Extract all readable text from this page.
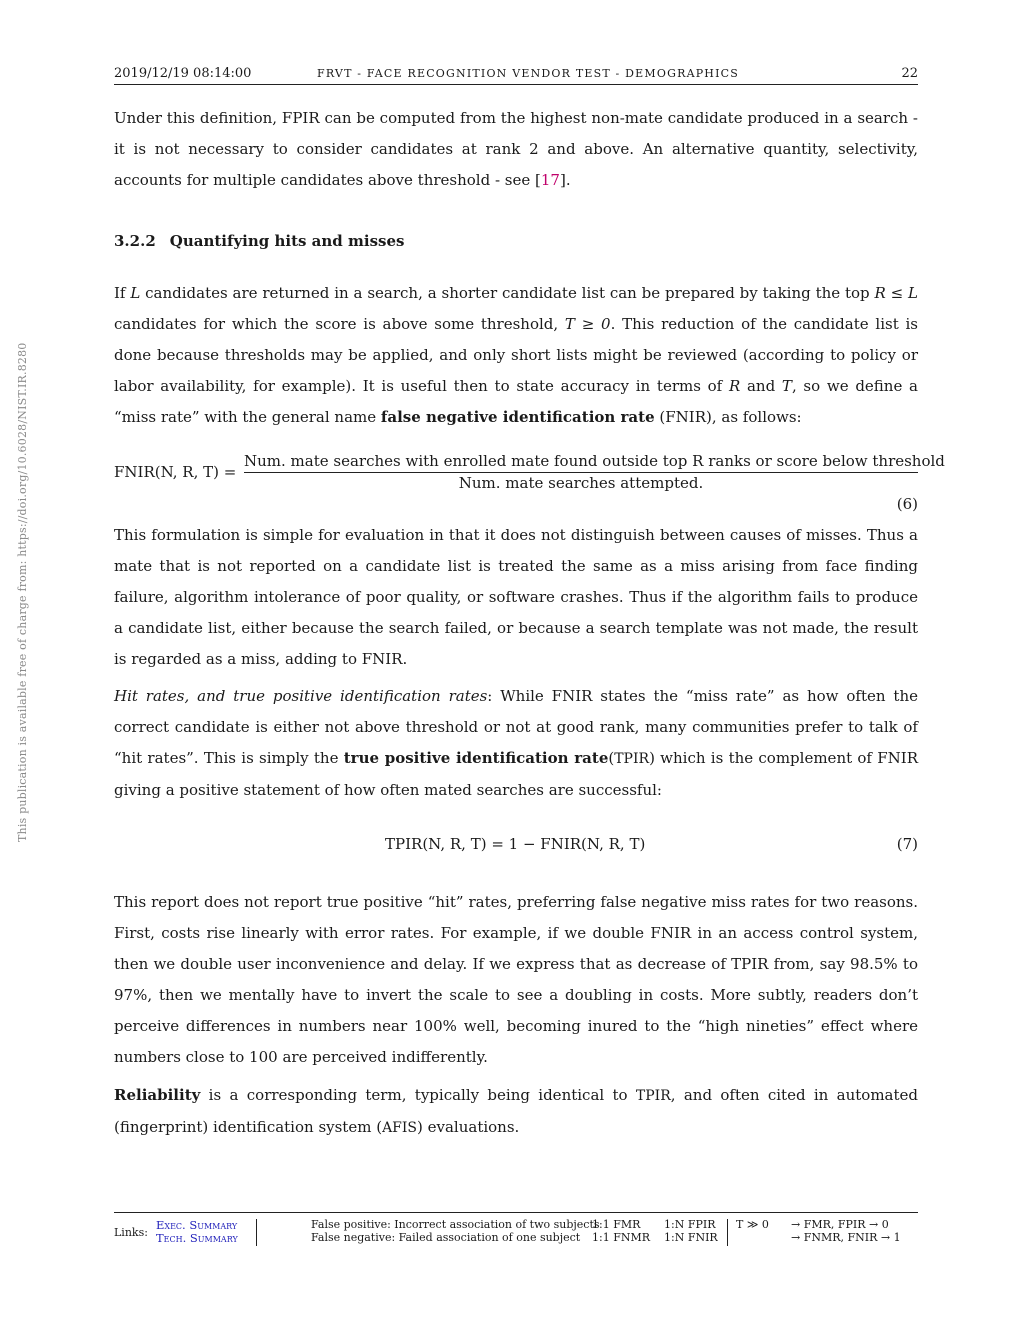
This publication is available free of charge from: https://doi.org/10.6028/NIST.IR.8280
2019/12/19 08:14:00	FRVT - FACE RECOGNITION VENDOR TEST - DEMOGRAPHICS	22

Under this definition, FPIR can be computed from the highest non-mate candidate produced in a search - it is not necessary to consider candidates at rank 2 and above. An alternative quantity, selectivity, accounts for multiple candidates above threshold - see [17].

3.2.2 Quantifying hits and misses

If L candidates are returned in a search, a shorter candidate list can be prepared by taking the top R ≤ L candidates for which the score is above some threshold, T ≥ 0. This reduction of the candidate list is done because thresholds may be applied, and only short lists might be reviewed (according to policy or labor availability, for example). It is useful then to state accuracy in terms of R and T, so we define a “miss rate” with the general name false negative identification rate (FNIR), as follows:

FNIR(N, R, T) =
Num. mate searches with enrolled mate found outside top R ranks or score below threshold
Num. mate searches attempted.
(6)

This formulation is simple for evaluation in that it does not distinguish between causes of misses. Thus a mate that is not reported on a candidate list is treated the same as a miss arising from face finding failure, algorithm intolerance of poor quality, or software crashes. Thus if the algorithm fails to produce a candidate list, either because the search failed, or because a search template was not made, the result is regarded as a miss, adding to FNIR.

Hit rates, and true positive identification rates: While FNIR states the “miss rate” as how often the correct candidate is either not above threshold or not at good rank, many communities prefer to talk of “hit rates”. This is simply the true positive identification rate(TPIR) which is the complement of FNIR giving a positive statement of how often mated searches are successful:

TPIR(N, R, T) = 1 − FNIR(N, R, T)	(7)

This report does not report true positive “hit” rates, preferring false negative miss rates for two reasons. First, costs rise linearly with error rates. For example, if we double FNIR in an access control system, then we double user inconvenience and delay. If we express that as decrease of TPIR from, say 98.5% to 97%, then we mentally have to invert the scale to see a doubling in costs. More subtly, readers don’t perceive differences in numbers near 100% well, becoming inured to the “high nineties” effect where numbers close to 100 are perceived indifferently.

Reliability is a corresponding term, typically being identical to TPIR, and often cited in automated (fingerprint) identification system (AFIS) evaluations.

Links:
Exec. Summary
Tech. Summary
False positive: Incorrect association of two subjects
False negative: Failed association of one subject
1:1 FMR
1:1 FNMR
1:N FPIR
1:N FNIR
T ≫ 0 → FMR, FPIR → 0
→ FNMR, FNIR → 1
